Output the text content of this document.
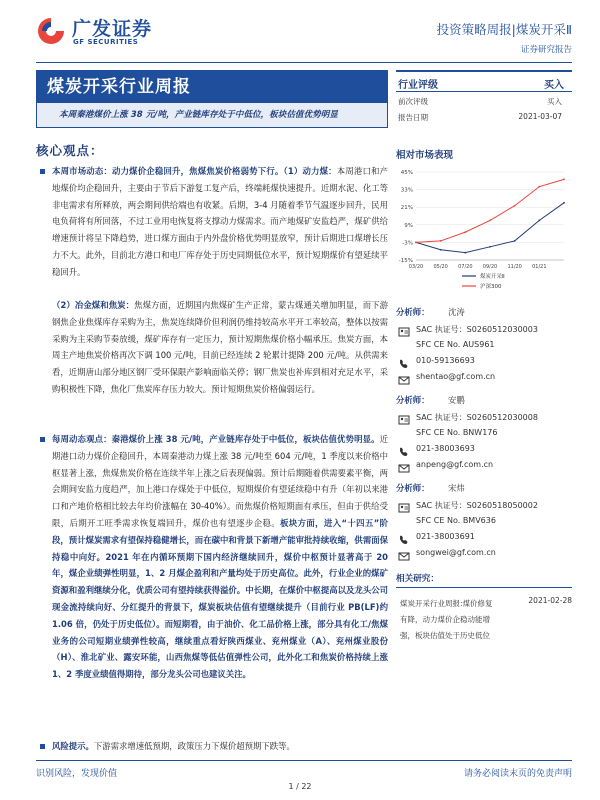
广发证券
GF SECURITIES
投资策略周报|煤炭开采Ⅱ
证券研究报告
煤炭开采行业周报
本周秦港煤价上涨 38 元/吨，产业链库存处于中低位，板块估值优势明显
行业评级	买入
前次评级	买入
报告日期	2021-03-07
核心观点：
本周市场动态：动力煤价企稳回升，焦煤焦炭价格弱势下行。（1）动力煤：本周港口和产地煤价均企稳回升，主要由于节后下游复工复产后，终端耗煤快速提升。近期水泥、化工等非电需求有所释放，两会期间供给端也有收紧。后期，3-4 月随着季节气温逐步回升，民用电负荷将有所回落，不过工业用电恢复将支撑动力煤需求。而产地煤矿安监趋严，煤矿供给增速预计将呈下降趋势，进口煤方面由于内外盘价格优势明显放窄，预计后期进口煤增长压力不大。此外，目前北方港口和电厂库存处于历史同期低位水平，预计短期煤价有望延续平稳回升。
（2）冶金煤和焦炭：焦煤方面，近期国内焦煤矿生产正常，蒙古煤通关增加明显，而下游钢焦企业焦煤库存采购为主，焦炭连续降价但利润仍维持较高水平开工率较高，整体以按需采购为主采购节奏放缓，煤矿库存有一定压力，预计短期焦煤价格小幅承压。焦炭方面，本周主产地焦炭价格再次下调 100 元/吨，目前已经连续 2 轮累计提降 200 元/吨。从供需来看，近期唐山部分地区钢厂受环保限产影响面临关停；钢厂焦炭也补库到相对充足水平，采购积极性下降，焦化厂焦炭库存压力较大。预计短期焦炭价格偏弱运行。
每周动态观点：秦港煤价上涨 38 元/吨，产业链库存处于中低位，板块估值优势明显。近期港口动力煤价企稳回升，本周秦港动力煤上涨 38 元/吨至 604 元/吨，1 季度以来价格中枢显著上涨，焦煤焦炭价格在连续半年上涨之后表现偏弱。预计后期随着供需要素平衡，两会期间安监力度趋严，加上港口存煤处于中低位，短期煤价有望延续稳中有升（年初以来港口和产地价格相比较去年均价涨幅在 30-40%）。而焦煤价格短期面有承压，但由于供给受限，后期开工旺季需求恢复端回升，煤价也有望逐步企稳。板块方面，进入“十四五”阶段，预计煤炭需求有望保持稳健增长，而在碳中和背景下新增产能审批持续收缩，供需面保持稳中向好。2021 年在内循环预期下国内经济继续回升，煤价中枢预计显著高于 20 年，煤企业绩弹性明显，1、2 月煤企盈利和产量均处于历史高位。此外，行业企业的煤矿资源和盈利继续分化，优质公司有望持续获得溢价。中长期，在煤价中枢提高以及龙头公司现金流持续向好、分红提升的背景下，煤炭板块估值有望继续提升（目前行业 PB(LF)约 1.06 倍，仍处于历史低位）。而短期看，由于油价、化工品价格上涨，部分具有化工/焦煤业务的公司短期业绩弹性较高，继续重点看好陕西煤业、兖州煤业（A）、兖州煤业股份（H）、淮北矿业、露安环能，山西焦煤等低估值弹性公司，此外化工和焦炭价格持续上涨 1、2 季度业绩值得期待，部分龙头公司也建议关注。
风险提示。下游需求增速低预期，政策压力下煤价超预期下跌等。
相对市场表现
45%
33%
21%
9%
-3%
-15%
03/20 05/20 07/20 09/20 11/20 01/21
煤炭开采Ⅱ
沪深300
分析师： 沈涛
SAC 执证号：S0260512030003
SFC CE No. AUS961
010-59136693
shentao@gf.com.cn
分析师： 安鹏
SAC 执证号：S0260512030008
SFC CE No. BNW176
021-38003693
anpeng@gf.com.cn
分析师： 宋炜
SAC 执证号：S0260518050002
SFC CE No. BMV636
021-38003691
songwei@gf.com.cn
相关研究：
煤炭开采行业周报:煤价修复有降，动力煤价企稳动能增强，板块估值处于历史低位
2021-02-28
识别风险，发现价值	请务必阅读末页的免责声明
1 / 22
